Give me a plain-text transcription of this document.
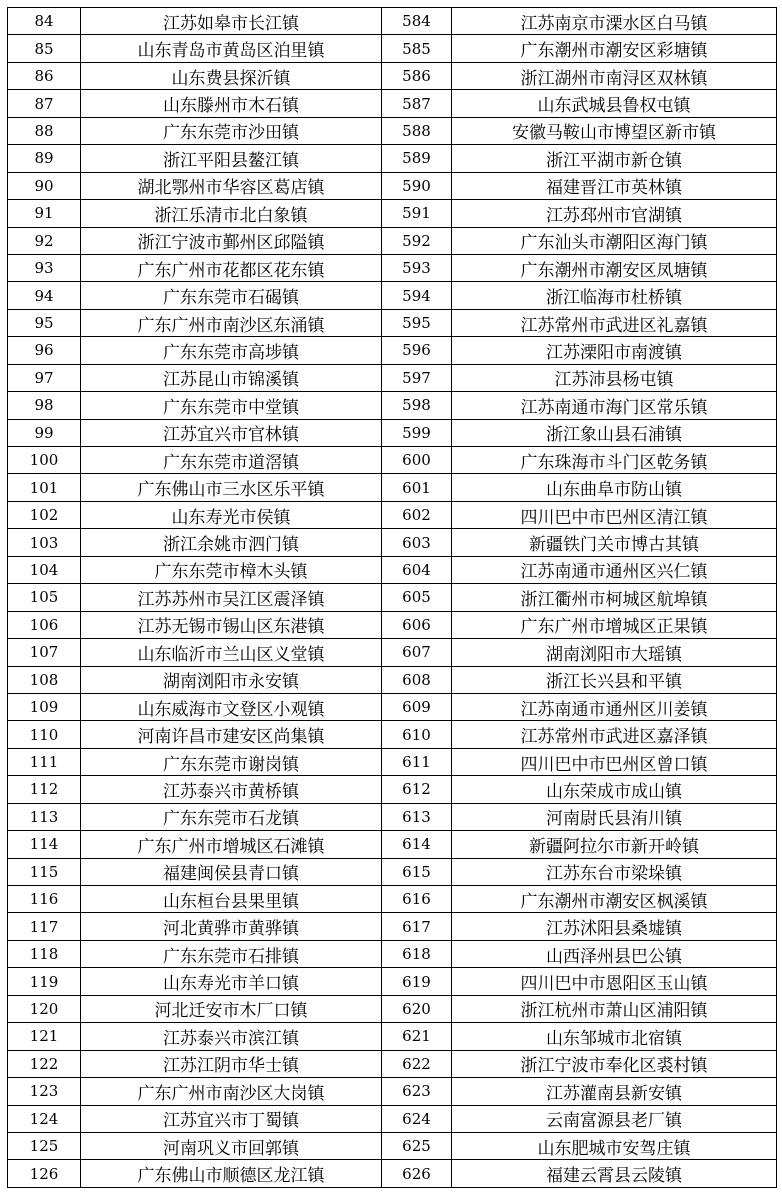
84	江苏如皋市长江镇	584	江苏南京市溧水区白马镇
85	山东青岛市黄岛区泊里镇	585	广东潮州市潮安区彩塘镇
86	山东费县探沂镇	586	浙江湖州市南浔区双林镇
87	山东滕州市木石镇	587	山东武城县鲁权屯镇
88	广东东莞市沙田镇	588	安徽马鞍山市博望区新市镇
89	浙江平阳县鳌江镇	589	浙江平湖市新仓镇
90	湖北鄂州市华容区葛店镇	590	福建晋江市英林镇
91	浙江乐清市北白象镇	591	江苏邳州市官湖镇
92	浙江宁波市鄞州区邱隘镇	592	广东汕头市潮阳区海门镇
93	广东广州市花都区花东镇	593	广东潮州市潮安区凤塘镇
94	广东东莞市石碣镇	594	浙江临海市杜桥镇
95	广东广州市南沙区东涌镇	595	江苏常州市武进区礼嘉镇
96	广东东莞市高埗镇	596	江苏溧阳市南渡镇
97	江苏昆山市锦溪镇	597	江苏沛县杨屯镇
98	广东东莞市中堂镇	598	江苏南通市海门区常乐镇
99	江苏宜兴市官林镇	599	浙江象山县石浦镇
100	广东东莞市道滘镇	600	广东珠海市斗门区乾务镇
101	广东佛山市三水区乐平镇	601	山东曲阜市防山镇
102	山东寿光市侯镇	602	四川巴中市巴州区清江镇
103	浙江余姚市泗门镇	603	新疆铁门关市博古其镇
104	广东东莞市樟木头镇	604	江苏南通市通州区兴仁镇
105	江苏苏州市吴江区震泽镇	605	浙江衢州市柯城区航埠镇
106	江苏无锡市锡山区东港镇	606	广东广州市增城区正果镇
107	山东临沂市兰山区义堂镇	607	湖南浏阳市大瑶镇
108	湖南浏阳市永安镇	608	浙江长兴县和平镇
109	山东威海市文登区小观镇	609	江苏南通市通州区川姜镇
110	河南许昌市建安区尚集镇	610	江苏常州市武进区嘉泽镇
111	广东东莞市谢岗镇	611	四川巴中市巴州区曾口镇
112	江苏泰兴市黄桥镇	612	山东荣成市成山镇
113	广东东莞市石龙镇	613	河南尉氏县洧川镇
114	广东广州市增城区石滩镇	614	新疆阿拉尔市新开岭镇
115	福建闽侯县青口镇	615	江苏东台市梁垛镇
116	山东桓台县果里镇	616	广东潮州市潮安区枫溪镇
117	河北黄骅市黄骅镇	617	江苏沭阳县桑墟镇
118	广东东莞市石排镇	618	山西泽州县巴公镇
119	山东寿光市羊口镇	619	四川巴中市恩阳区玉山镇
120	河北迁安市木厂口镇	620	浙江杭州市萧山区浦阳镇
121	江苏泰兴市滨江镇	621	山东邹城市北宿镇
122	江苏江阴市华士镇	622	浙江宁波市奉化区裘村镇
123	广东广州市南沙区大岗镇	623	江苏灌南县新安镇
124	江苏宜兴市丁蜀镇	624	云南富源县老厂镇
125	河南巩义市回郭镇	625	山东肥城市安驾庄镇
126	广东佛山市顺德区龙江镇	626	福建云霄县云陵镇
